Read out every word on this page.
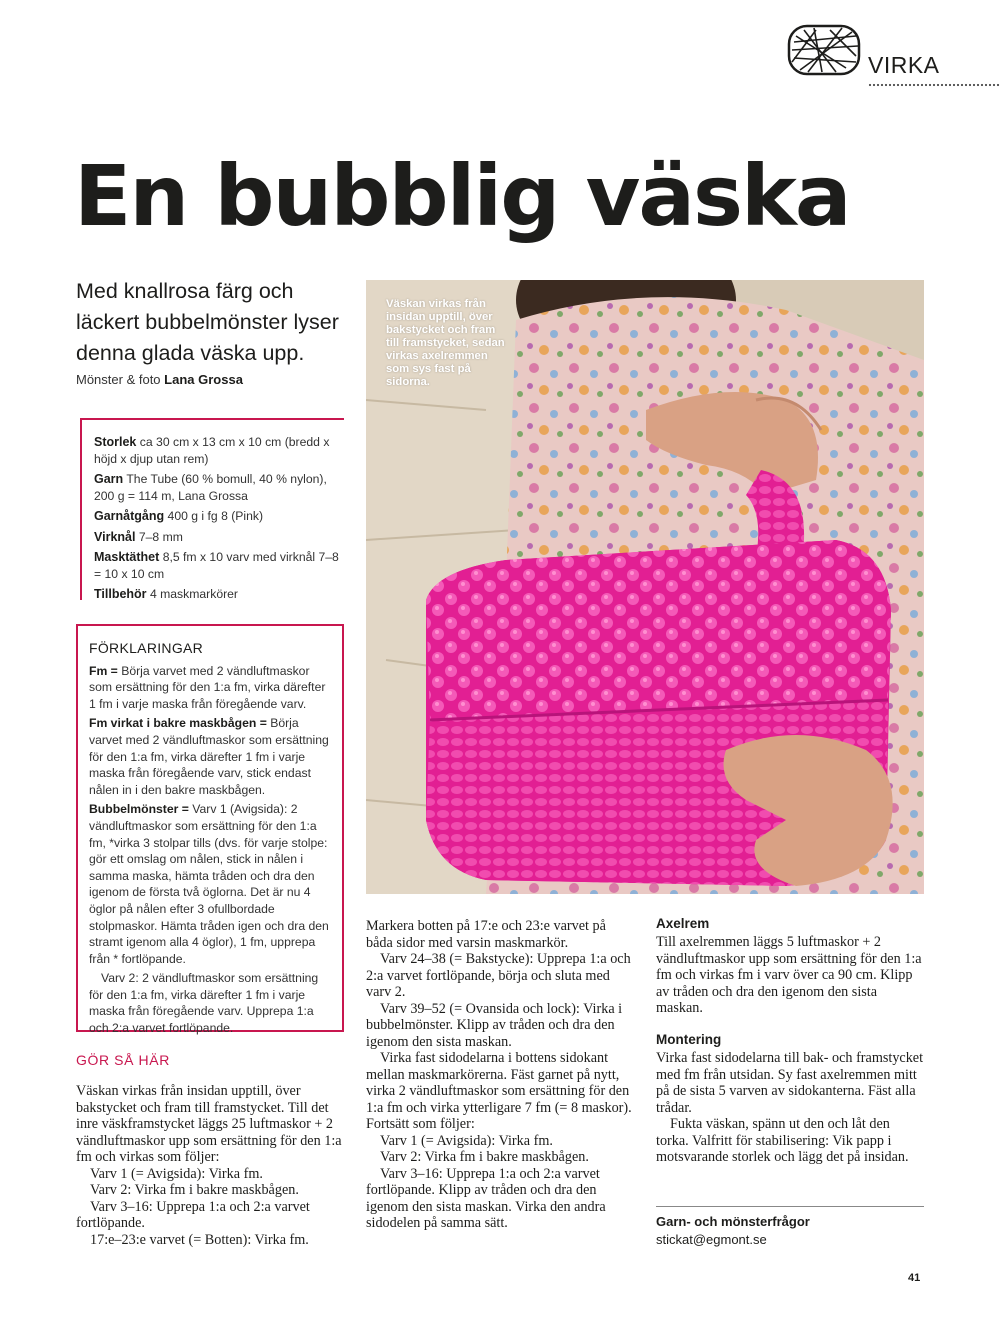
VIRKA
En bubblig väska
Med knallrosa färg och läckert bubbelmönster lyser denna glada väska upp.
Mönster & foto Lana Grossa
Storlek ca 30 cm x 13 cm x 10 cm (bredd x höjd x djup utan rem)
Garn The Tube (60 % bomull, 40 % nylon), 200 g = 114 m, Lana Grossa
Garnåtgång 400 g i fg 8 (Pink)
Virknål 7–8 mm
Masktäthet 8,5 fm x 10 varv med virknål 7–8 = 10 x 10 cm
Tillbehör 4 maskmarkörer
FÖRKLARINGAR
Fm = Börja varvet med 2 vändluftmaskor som ersättning för den 1:a fm, virka därefter 1 fm i varje maska från föregående varv.
Fm virkat i bakre maskbågen = Börja varvet med 2 vändluftmaskor som ersättning för den 1:a fm, virka därefter 1 fm i varje maska från föregående varv, stick endast nålen in i den bakre maskbågen.
Bubbelmönster = Varv 1 (Avigsida): 2 vändluftmaskor som ersättning för den 1:a fm, *virka 3 stolpar tills (dvs. för varje stolpe: gör ett omslag om nålen, stick in nålen i samma maska, hämta tråden och dra den igenom de första två öglorna. Det är nu 4 öglor på nålen efter 3 ofullbordade stolpmaskor. Hämta tråden igen och dra den stramt igenom alla 4 öglor), 1 fm, upprepa från * fortlöpande.
Varv 2: 2 vändluftmaskor som ersättning för den 1:a fm, virka därefter 1 fm i varje maska från föregående varv. Upprepa 1:a och 2:a varvet fortlöpande.
Väskan virkas från insidan upptill, över bakstycket och fram till framstycket, sedan virkas axelremmen som sys fast på sidorna.
GÖR SÅ HÄR

Väskan virkas från insidan upptill, över bakstycket och fram till framstycket. Till det inre väskframstycket läggs 25 luftmaskor + 2 vändluftmaskor upp som ersättning för den 1:a fm och virkas som följer:

Varv 1 (= Avigsida): Virka fm.

Varv 2: Virka fm i bakre maskbågen.

Varv 3–16: Upprepa 1:a och 2:a varvet fortlöpande.

17:e–23:e varvet (= Botten): Virka fm.

Markera botten på 17:e och 23:e varvet på båda sidor med varsin maskmarkör.

Varv 24–38 (= Bakstycke): Upprepa 1:a och 2:a varvet fortlöpande, börja och sluta med varv 2.

Varv 39–52 (= Ovansida och lock): Virka i bubbelmönster. Klipp av tråden och dra den igenom den sista maskan.

Virka fast sidodelarna i bottens sidokant mellan maskmarkörerna. Fäst garnet på nytt, virka 2 vändluftmaskor som ersättning för den 1:a fm och virka ytterligare 7 fm (= 8 maskor). Fortsätt som följer:

Varv 1 (= Avigsida): Virka fm.

Varv 2: Virka fm i bakre maskbågen.

Varv 3–16: Upprepa 1:a och 2:a varvet fortlöpande. Klipp av tråden och dra den igenom den sista maskan. Virka den andra sidodelen på samma sätt.

Axelrem

Till axelremmen läggs 5 luftmaskor + 2 vändluftmaskor upp som ersättning för den 1:a fm och virkas fm i varv över ca 90 cm. Klipp av tråden och dra den igenom den sista maskan.

Montering

Virka fast sidodelarna till bak- och framstycket med fm från utsidan. Sy fast axelremmen mitt på de sista 5 varven av sidokanterna. Fäst alla trådar.

Fukta väskan, spänn ut den och låt den torka. Valfritt för stabilisering: Vik papp i motsvarande storlek och lägg det på insidan.

Garn- och mönsterfrågor
stickat@egmont.se
41
